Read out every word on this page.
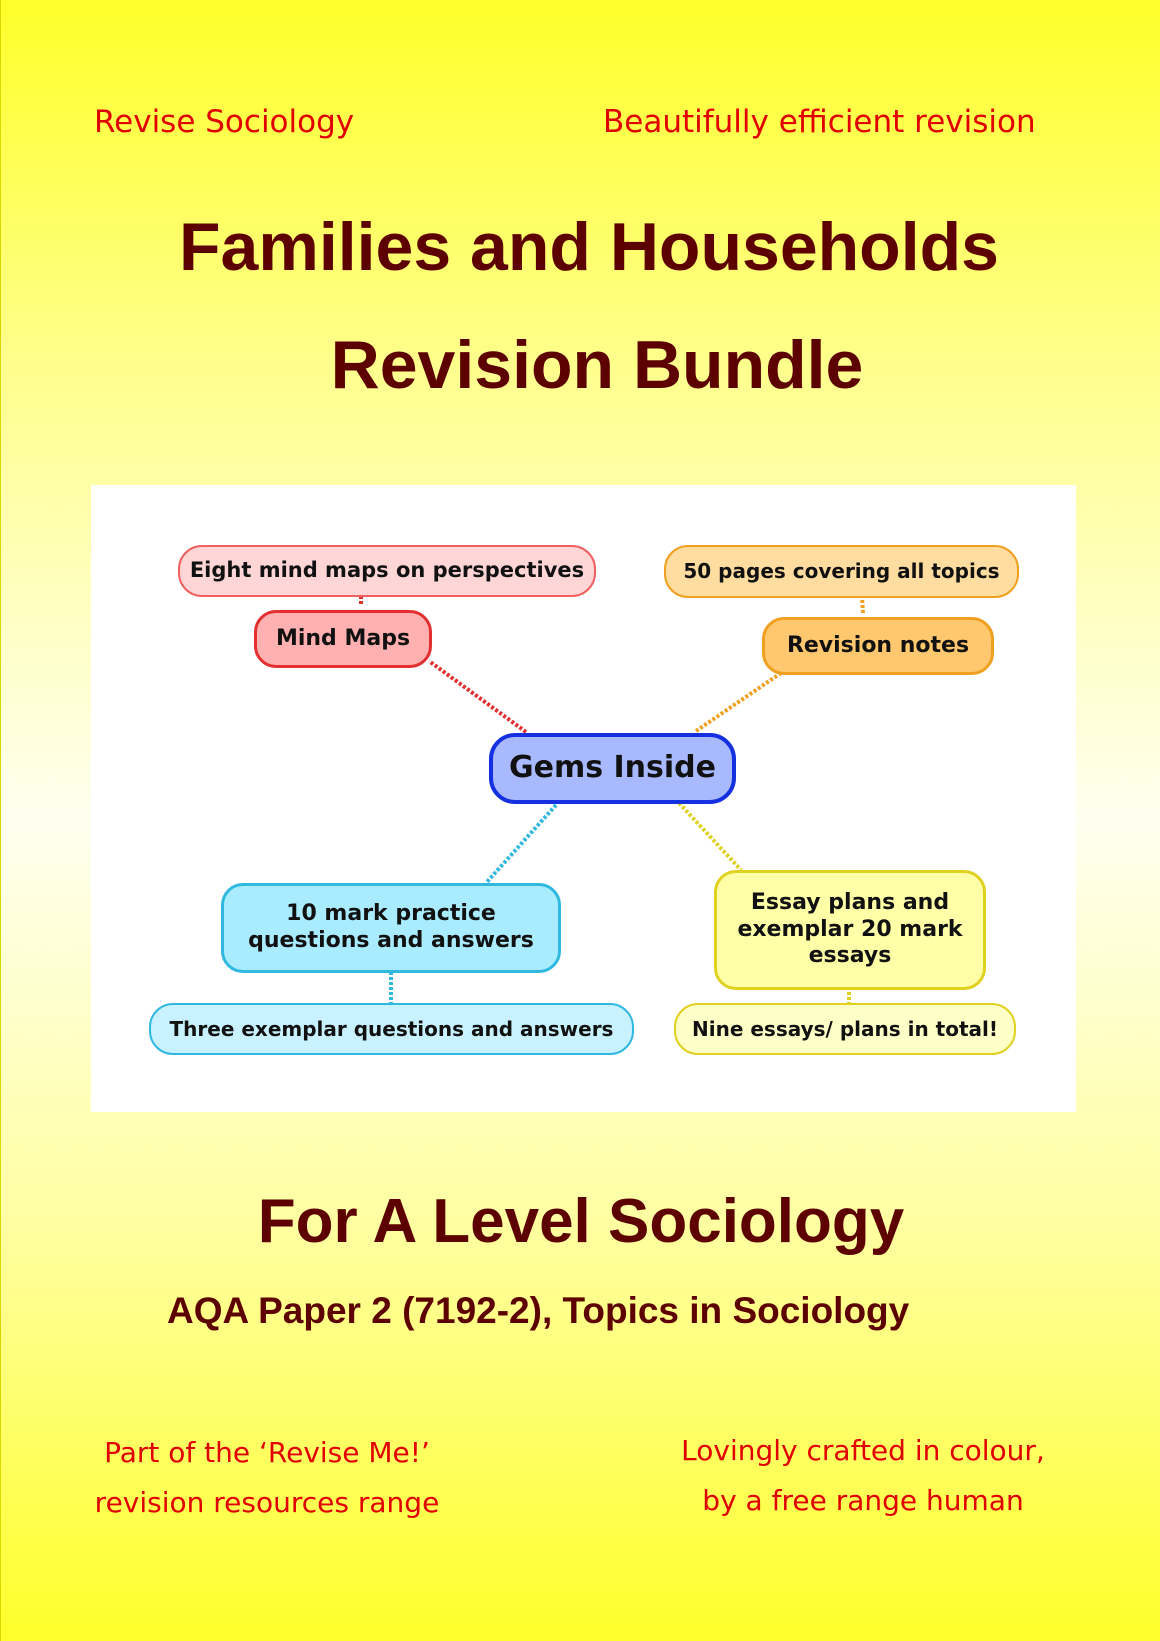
Revise Sociology	Beautifully efficient revision
Families and Households
Revision Bundle
Eight mind maps on perspectives
Mind Maps
50 pages covering all topics
Revision notes
Gems Inside
10 mark practice
questions and answers
Three exemplar questions and answers
Essay plans and
exemplar 20 mark
essays
Nine essays/ plans in total!
For A Level Sociology
AQA Paper 2 (7192-2), Topics in Sociology
Part of the ‘Revise Me!’
revision resources range
Lovingly crafted in colour,
by a free range human
